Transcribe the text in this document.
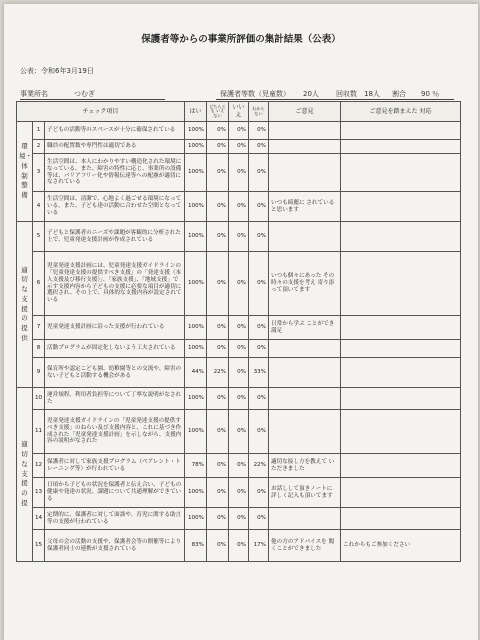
保護者等からの事業所評価の集計結果（公表）
公表：令和6年3月19日
事業所名	つむぎ	保護者等数（児童数） 20人 回収数 18人 割合 90 ％
チェック項目			はい	どちらとも いえない	いいえ	わからない	ご意見	ご意見を踏まえた 対応
環境・体制整備	1	子どもの活動等のスペースが十分に確保されている	100%	0%	0%	0%		
	2	職員の配置数や専門性は適切である	100%	0%	0%	0%		
	3	生活空間は、本人にわかりやすい構造化された環境になっている。また、障害の特性に応じ、事業所の設備等は、バリアフリー化や情報伝達等への配慮が適切になされている	100%	0%	0%	0%		
	4	生活空間は、清潔で、心地よく過ごせる環境になっている。また、子ども達の活動に合わせた空間となっている	100%	0%	0%	0%	いつも綺麗に されていると思います	
適切な支援の提供	5	子どもと保護者のニーズや課題が客観的に分析された上で、児童発達支援計画が作成されている	100%	0%	0%	0%		
	6	児童発達支援計画には、児童発達支援ガイドラインの「児童発達支援の提供すべき支援」の「発達支援（本人支援及び移行支援）」、「家族支援」、「地域支援」で示す支援内容から子どもの支援に必要な項目が適切に選択され、その上で、具体的な支援内容が設定されている	100%	0%	0%	0%	いつも個々にあった その時々の支援を考え 寄り添って頂いてます	
	7	児童発達支援計画に沿った支援が行われている	100%	0%	0%	0%	日常から学ぶ ことができ満足	
	8	活動プログラムが固定化しないよう工夫されている	100%	0%	0%	0%		
	9	保育所や認定こども園、幼稚園等との交流や、障害のない子どもと活動する機会がある	44%	22%	0%	33%		
適切な支援の提	10	運営規程、利用者負担等について丁寧な説明がなされた	100%	0%	0%	0%		
	11	児童発達支援ガイドラインの「児童発達支援の提供すべき支援」のねらい及び支援内容と、これに基づき作成された「児童発達支援計画」を示しながら、支援内容の説明がなされた	100%	0%	0%	0%		
	12	保護者に対して家族支援プログラム（ペアレント・トレーニング等）が行われている	78%	0%	0%	22%	適切な接し方を教えて いただきました	
	13	日頃から子どもの状況を保護者と伝え合い、子どもの健康や発達の状況、課題について共通理解ができている	100%	0%	0%	0%	お話しして頂きノートに 詳しく記入も頂いてます	
	14	定期的に、保護者に対して面談や、育児に関する助言等の支援が行われている	100%	0%	0%	0%		
	15	父母の会の活動の支援や、保護者会等の開催等により保護者同士の連携が支援されている	83%	0%	0%	17%	他の方のアドバイスを 聞くことができました	これからもご参加ください
